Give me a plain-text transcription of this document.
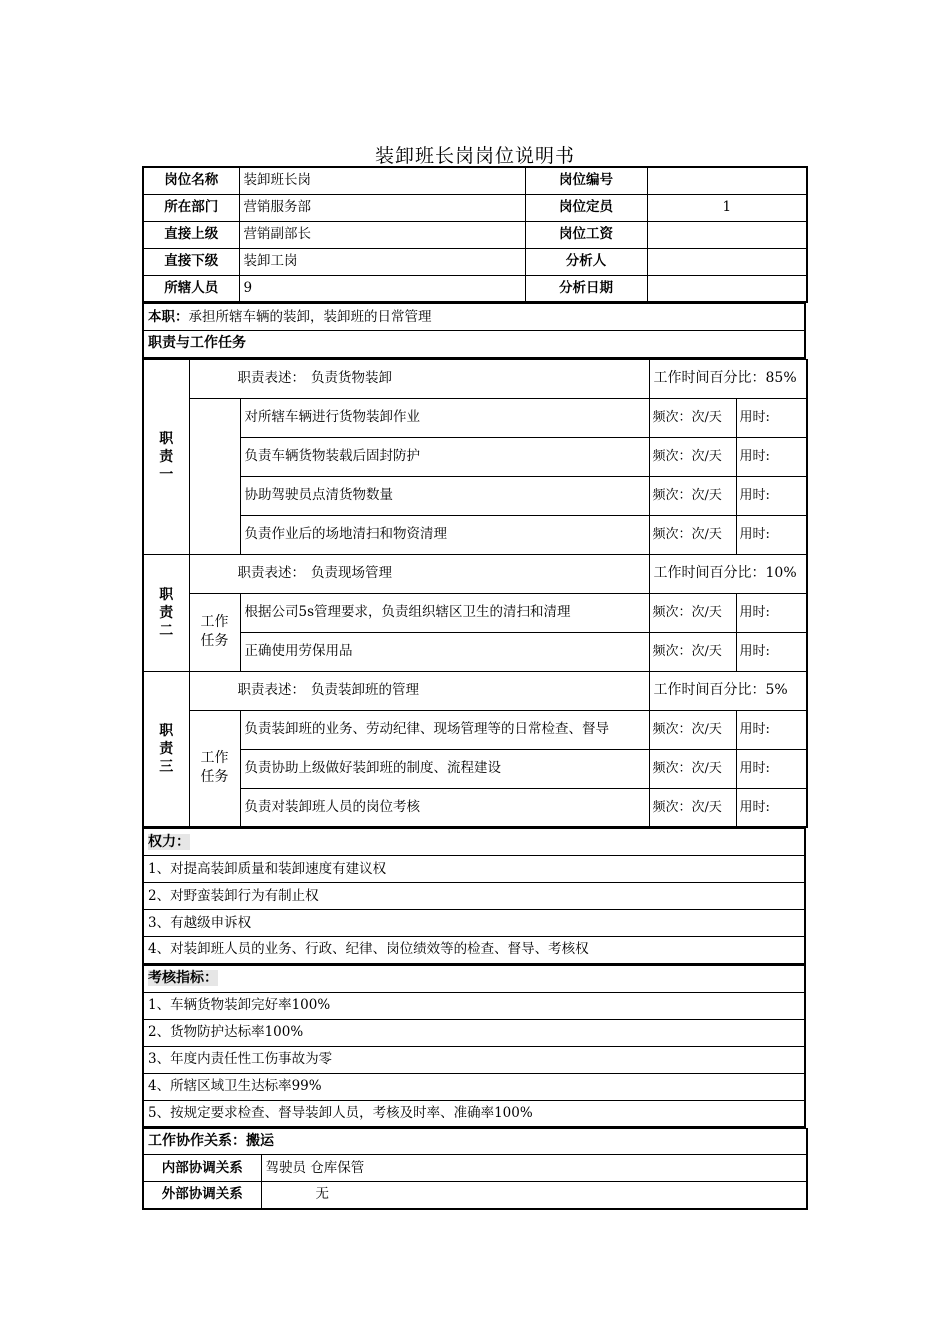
装卸班长岗岗位说明书
岗位名称	装卸班长岗	岗位编号	
所在部门	营销服务部	岗位定员	1
直接上级	营销副部长	岗位工资	
直接下级	装卸工岗	分析人	
所辖人员	9	分析日期	
本职：承担所辖车辆的装卸，装卸班的日常管理
职责与工作任务
职责一	职责表述： 负责货物装卸		工作时间百分比：85%	
		对所辖车辆进行货物装卸作业	频次：次/天	用时:
		负责车辆货物装载后固封防护	频次：次/天	用时:
		协助驾驶员点清货物数量	频次：次/天	用时:
		负责作业后的场地清扫和物资清理	频次：次/天	用时:
职责二	职责表述： 负责现场管理		工作时间百分比：10%	
	工作任务	根据公司5s管理要求，负责组织辖区卫生的清扫和清理	频次：次/天	用时:
		正确使用劳保用品	频次：次/天	用时:
职责三	职责表述： 负责装卸班的管理		工作时间百分比：5%	
	工作任务	负责装卸班的业务、劳动纪律、现场管理等的日常检查、督导	频次：次/天	用时:
		负责协助上级做好装卸班的制度、流程建设	频次：次/天	用时:
		负责对装卸班人员的岗位考核	频次：次/天	用时:
权力：
1、对提高装卸质量和装卸速度有建议权
2、对野蛮装卸行为有制止权
3、有越级申诉权
4、对装卸班人员的业务、行政、纪律、岗位绩效等的检查、督导、考核权
考核指标：
1、车辆货物装卸完好率100%
2、货物防护达标率100%
3、年度内责任性工伤事故为零
4、所辖区域卫生达标率99%
5、按规定要求检查、督导装卸人员，考核及时率、准确率100%
工作协作关系：搬运	
内部协调关系	驾驶员 仓库保管
外部协调关系	无
